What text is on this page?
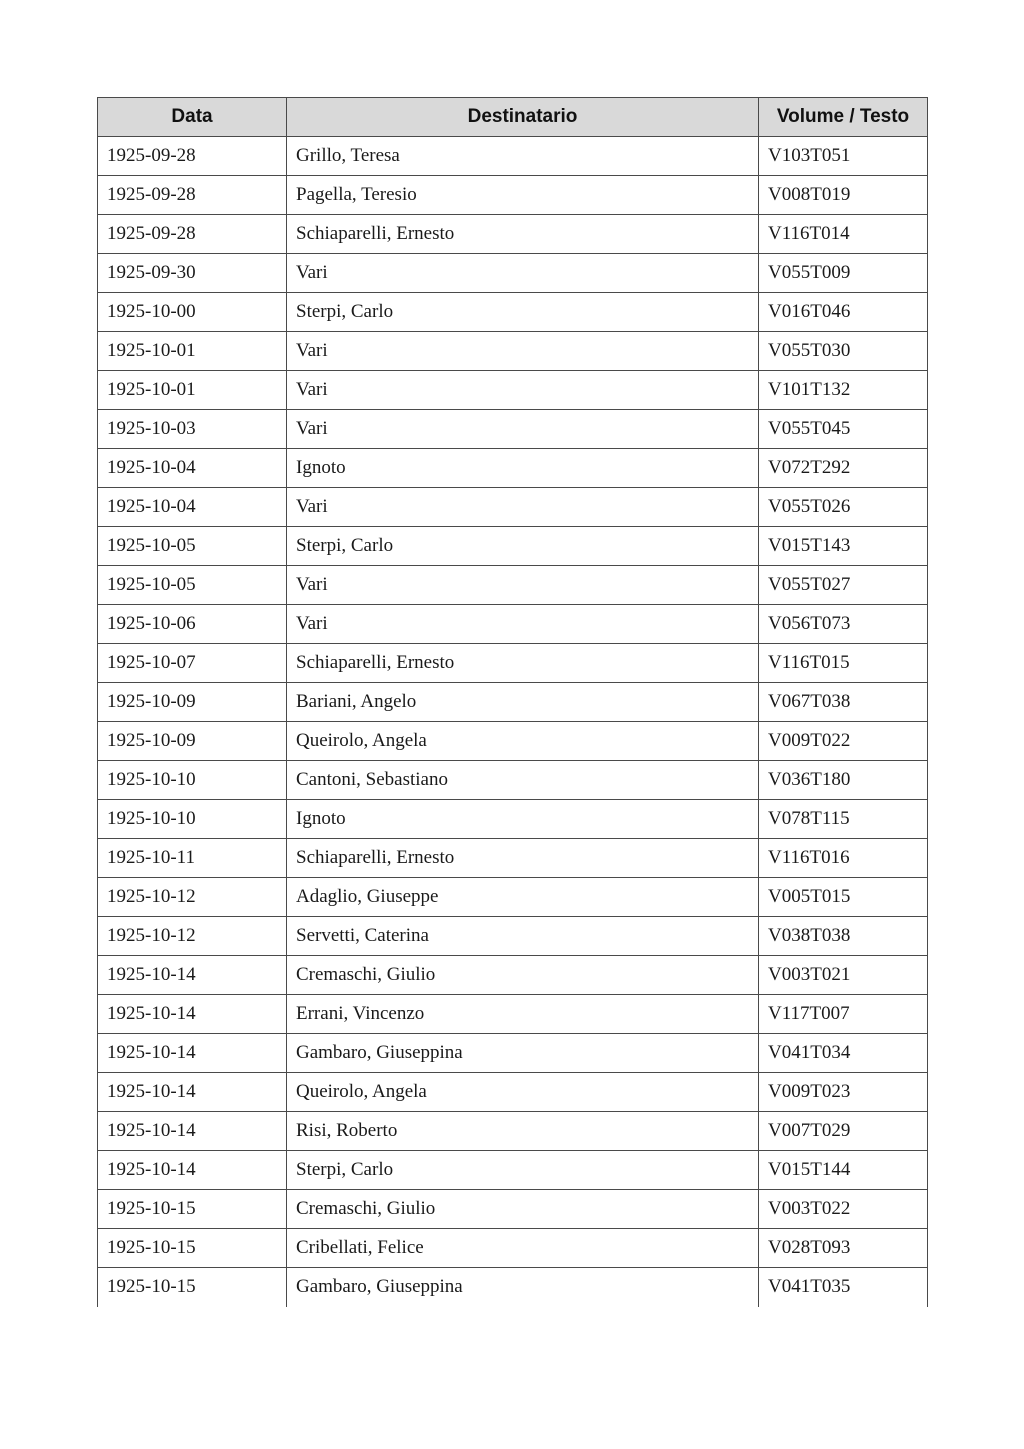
Data	Destinatario	Volume / Testo
1925-09-28	Grillo, Teresa	V103T051
1925-09-28	Pagella, Teresio	V008T019
1925-09-28	Schiaparelli, Ernesto	V116T014
1925-09-30	Vari	V055T009
1925-10-00	Sterpi, Carlo	V016T046
1925-10-01	Vari	V055T030
1925-10-01	Vari	V101T132
1925-10-03	Vari	V055T045
1925-10-04	Ignoto	V072T292
1925-10-04	Vari	V055T026
1925-10-05	Sterpi, Carlo	V015T143
1925-10-05	Vari	V055T027
1925-10-06	Vari	V056T073
1925-10-07	Schiaparelli, Ernesto	V116T015
1925-10-09	Bariani, Angelo	V067T038
1925-10-09	Queirolo, Angela	V009T022
1925-10-10	Cantoni, Sebastiano	V036T180
1925-10-10	Ignoto	V078T115
1925-10-11	Schiaparelli, Ernesto	V116T016
1925-10-12	Adaglio, Giuseppe	V005T015
1925-10-12	Servetti, Caterina	V038T038
1925-10-14	Cremaschi, Giulio	V003T021
1925-10-14	Errani, Vincenzo	V117T007
1925-10-14	Gambaro, Giuseppina	V041T034
1925-10-14	Queirolo, Angela	V009T023
1925-10-14	Risi, Roberto	V007T029
1925-10-14	Sterpi, Carlo	V015T144
1925-10-15	Cremaschi, Giulio	V003T022
1925-10-15	Cribellati, Felice	V028T093
1925-10-15	Gambaro, Giuseppina	V041T035
